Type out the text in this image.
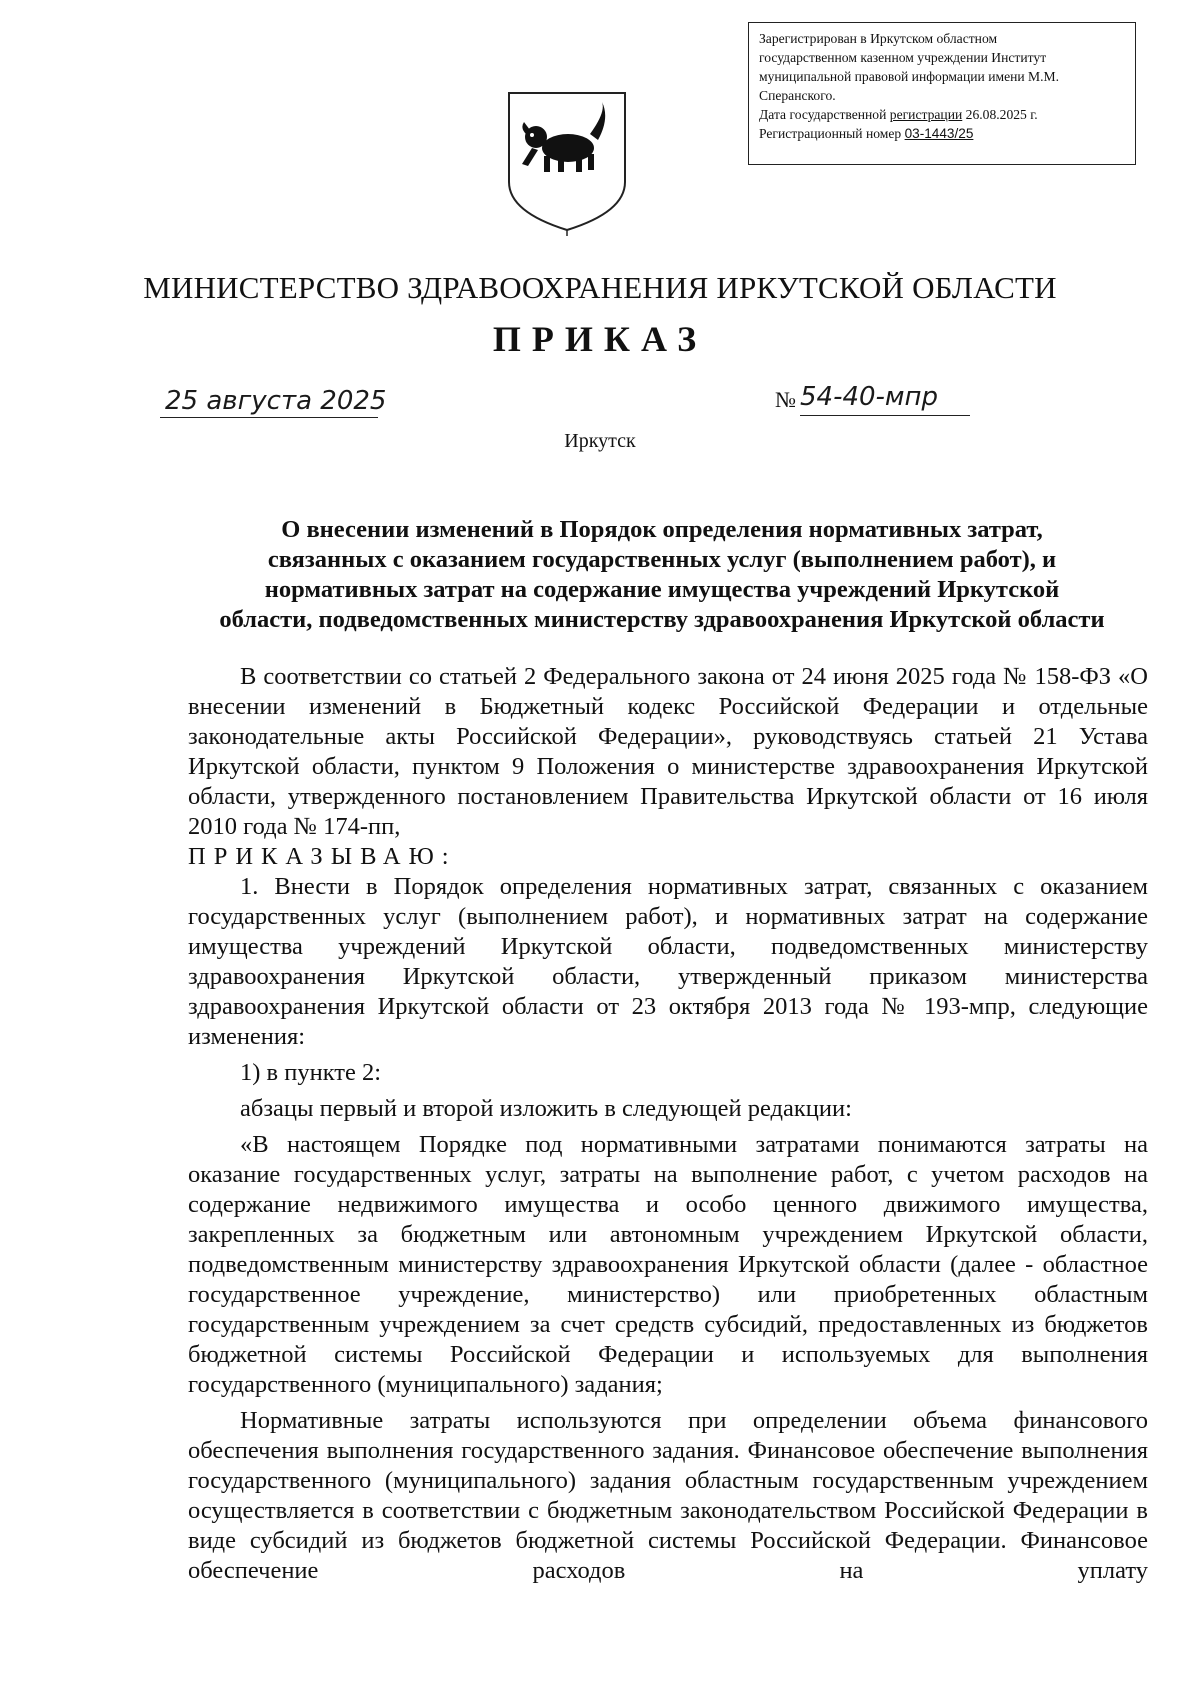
Зарегистрирован в Иркутском областном
государственном казенном учреждении Институт
муниципальной правовой информации имени М.М.
Сперанского.
Дата государственной регистрации 26.08.2025 г.
Регистрационный номер 03-1443/25
МИНИСТЕРСТВО ЗДРАВООХРАНЕНИЯ ИРКУТСКОЙ ОБЛАСТИ
ПРИКАЗ
25 августа 2025	№ 54-40-мпр
Иркутск
О внесении изменений в Порядок определения нормативных затрат,
связанных с оказанием государственных услуг (выполнением работ), и
нормативных затрат на содержание имущества учреждений Иркутской
области, подведомственных министерству здравоохранения Иркутской области

В соответствии со статьей 2 Федерального закона от 24 июня 2025 года № 158-ФЗ «О внесении изменений в Бюджетный кодекс Российской Федерации и отдельные законодательные акты Российской Федерации», руководствуясь статьей 21 Устава Иркутской области, пунктом 9 Положения о министерстве здравоохранения Иркутской области, утвержденного постановлением Правительства Иркутской области от 16 июля 2010 года № 174-пп,

ПРИКАЗЫВАЮ:

1. Внести в Порядок определения нормативных затрат, связанных с оказанием государственных услуг (выполнением работ), и нормативных затрат на содержание имущества учреждений Иркутской области, подведомственных министерству здравоохранения Иркутской области, утвержденный приказом министерства здравоохранения Иркутской области от 23 октября 2013 года № 193-мпр, следующие изменения:

1) в пункте 2:

абзацы первый и второй изложить в следующей редакции:

«В настоящем Порядке под нормативными затратами понимаются затраты на оказание государственных услуг, затраты на выполнение работ, с учетом расходов на содержание недвижимого имущества и особо ценного движимого имущества, закрепленных за бюджетным или автономным учреждением Иркутской области, подведомственным министерству здравоохранения Иркутской области (далее - областное государственное учреждение, министерство) или приобретенных областным государственным учреждением за счет средств субсидий, предоставленных из бюджетов бюджетной системы Российской Федерации и используемых для выполнения государственного (муниципального) задания;

Нормативные затраты используются при определении объема финансового обеспечения выполнения государственного задания. Финансовое обеспечение выполнения государственного (муниципального) задания областным государственным учреждением осуществляется в соответствии с бюджетным законодательством Российской Федерации в виде субсидий из бюджетов бюджетной системы Российской Федерации. Финансовое обеспечение расходов на уплату
